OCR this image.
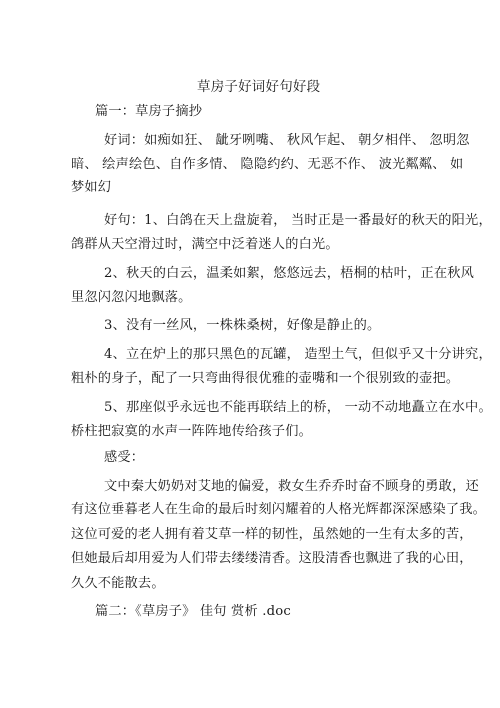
草房子好词好句好段

篇一：草房子摘抄

好词：如痴如狂、 龇牙咧嘴、 秋风乍起、 朝夕相伴、 忽明忽

暗、 绘声绘色、自作多情、 隐隐约约、无恶不作、 波光粼粼、 如

梦如幻

好句：1、白鸽在天上盘旋着， 当时正是一番最好的秋天的阳光，

鸽群从天空滑过时，满空中泛着迷人的白光。

2、秋天的白云，温柔如絮，悠悠远去，梧桐的枯叶，正在秋风

里忽闪忽闪地飘落。

3、没有一丝风，一株株桑树，好像是静止的。

4、立在炉上的那只黑色的瓦罐， 造型土气，但似乎又十分讲究，

粗朴的身子，配了一只弯曲得很优雅的壶嘴和一个很别致的壶把。

5、那座似乎永远也不能再联结上的桥， 一动不动地矗立在水中。

桥柱把寂寞的水声一阵阵地传给孩子们。

感受：

文中秦大奶奶对艾地的偏爱，救女生乔乔时奋不顾身的勇敢，还

有这位垂暮老人在生命的最后时刻闪耀着的人格光辉都深深感染了我。

这位可爱的老人拥有着艾草一样的韧性，虽然她的一生有太多的苦，

但她最后却用爱为人们带去缕缕清香。这股清香也飘进了我的心田，

久久不能散去。

篇二：《草房子》 佳句 赏析 .doc
